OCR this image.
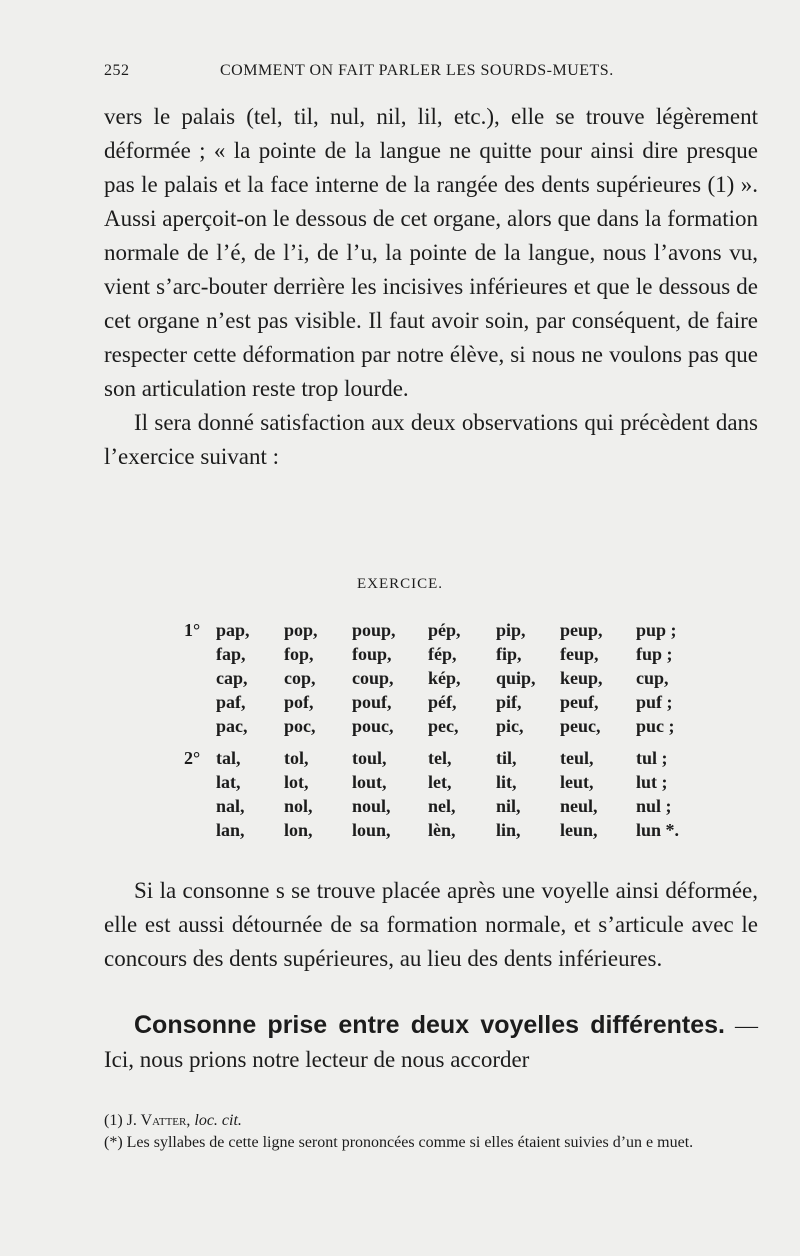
252	COMMENT ON FAIT PARLER LES SOURDS-MUETS.

vers le palais (tel, til, nul, nil, lil, etc.), elle se trouve légèrement déformée ; « la pointe de la langue ne quitte pour ainsi dire presque pas le palais et la face interne de la rangée des dents supérieures (1) ». Aussi aperçoit-on le dessous de cet organe, alors que dans la formation normale de l’é, de l’i, de l’u, la pointe de la langue, nous l’avons vu, vient s’arc-bouter derrière les incisives inférieures et que le dessous de cet organe n’est pas visible. Il faut avoir soin, par conséquent, de faire respecter cette déformation par notre élève, si nous ne voulons pas que son articulation reste trop lourde.

Il sera donné satisfaction aux deux observations qui précèdent dans l’exercice suivant :

EXERCICE.
1° pap, pop, poup, pép, pip, peup, pup ;
fap, fop, foup, fép, fip, feup, fup ;
cap, cop, coup, kép, quip, keup, cup,
paf, pof, pouf, péf, pif, peuf, puf ;
pac, poc, pouc, pec, pic, peuc, puc ;
2° tal, tol, toul, tel, til, teul, tul ;
lat, lot, lout, let, lit, leut, lut ;
nal, nol, noul, nel, nil, neul, nul ;
lan, lon, loun, lèn, lin, leun, lun *.

Si la consonne s se trouve placée après une voyelle ainsi déformée, elle est aussi détournée de sa formation normale, et s’articule avec le concours des dents supérieures, au lieu des dents inférieures.

Consonne prise entre deux voyelles différentes. — Ici, nous prions notre lecteur de nous accorder

(1) J. Vatter, loc. cit.

(*) Les syllabes de cette ligne seront prononcées comme si elles étaient suivies d’un e muet.
